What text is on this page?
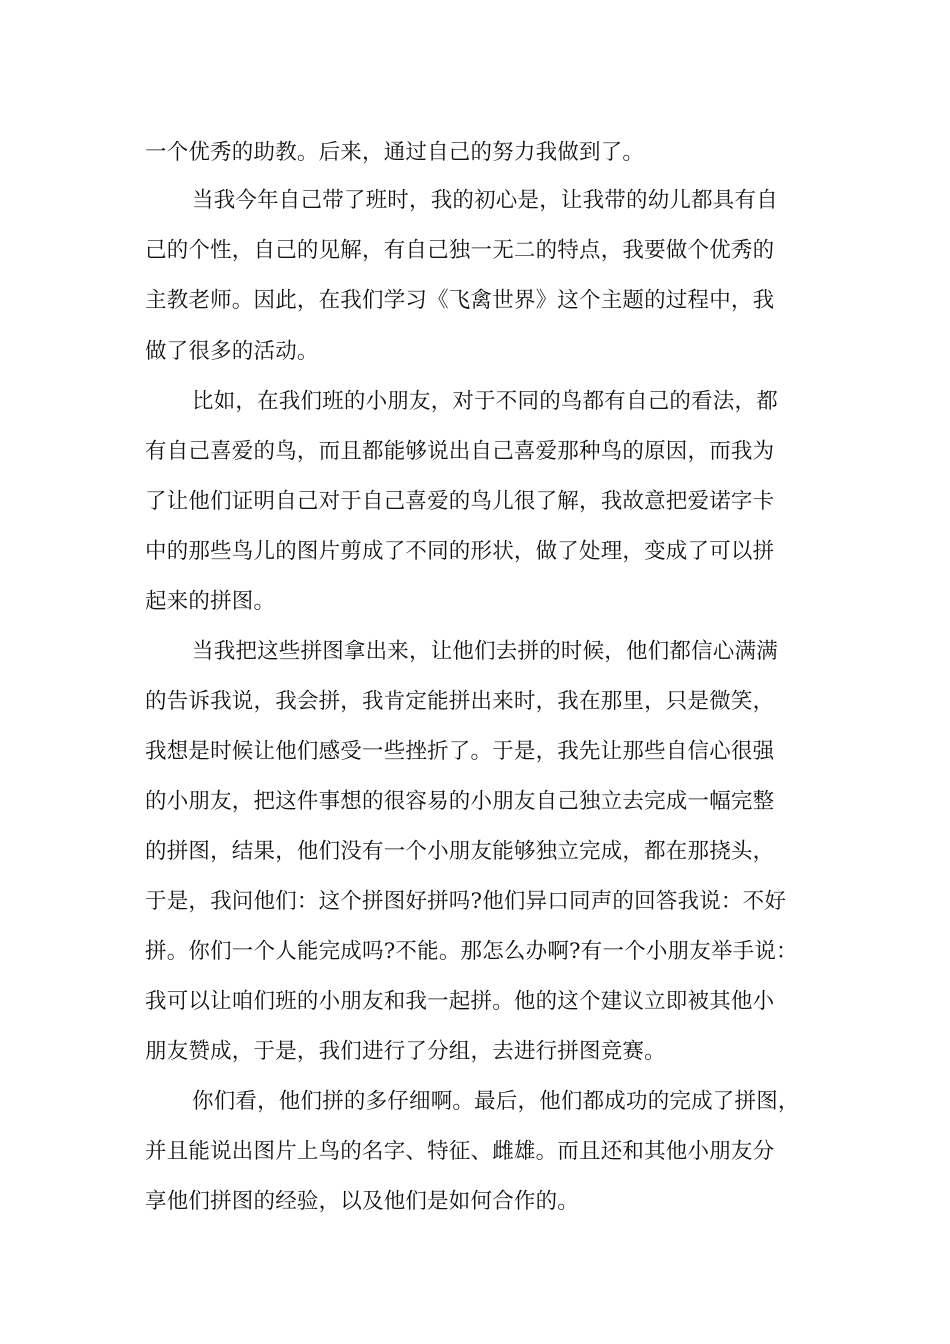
一个优秀的助教。后来，通过自己的努力我做到了。
当我今年自己带了班时，我的初心是，让我带的幼儿都具有自
己的个性，自己的见解，有自己独一无二的特点，我要做个优秀的
主教老师。因此，在我们学习《飞禽世界》这个主题的过程中，我
做了很多的活动。
比如，在我们班的小朋友，对于不同的鸟都有自己的看法，都
有自己喜爱的鸟，而且都能够说出自己喜爱那种鸟的原因，而我为
了让他们证明自己对于自己喜爱的鸟儿很了解，我故意把爱诺字卡
中的那些鸟儿的图片剪成了不同的形状，做了处理，变成了可以拼
起来的拼图。
当我把这些拼图拿出来，让他们去拼的时候，他们都信心满满
的告诉我说，我会拼，我肯定能拼出来时，我在那里，只是微笑，
我想是时候让他们感受一些挫折了。于是，我先让那些自信心很强
的小朋友，把这件事想的很容易的小朋友自己独立去完成一幅完整
的拼图，结果，他们没有一个小朋友能够独立完成，都在那挠头，
于是，我问他们：这个拼图好拼吗?他们异口同声的回答我说：不好
拼。你们一个人能完成吗?不能。那怎么办啊?有一个小朋友举手说：
我可以让咱们班的小朋友和我一起拼。他的这个建议立即被其他小
朋友赞成，于是，我们进行了分组，去进行拼图竞赛。
你们看，他们拼的多仔细啊。最后，他们都成功的完成了拼图，
并且能说出图片上鸟的名字、特征、雌雄。而且还和其他小朋友分
享他们拼图的经验，以及他们是如何合作的。
